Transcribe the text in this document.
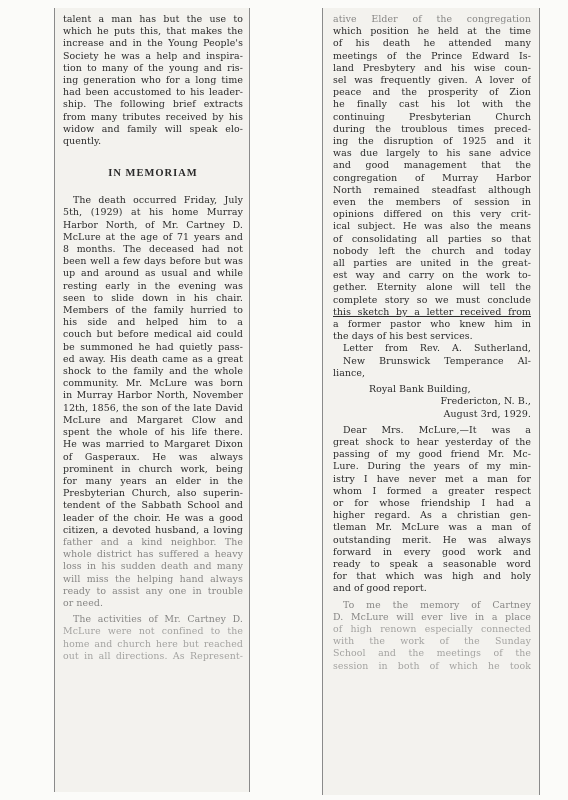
talent a man has but the use to
which he puts this, that makes the
increase and in the Young People's
Society he was a help and inspira-
tion to many of the young and ris-
ing generation who for a long time
had been accustomed to his leader-
ship. The following brief extracts
from many tributes received by his
widow and family will speak elo-
quently.
IN MEMORIAM
The death occurred Friday, July
5th, (1929) at his home Murray
Harbor North, of Mr. Cartney D.
McLure at the age of 71 years and
8 months. The deceased had not
been well a few days before but was
up and around as usual and while
resting early in the evening was
seen to slide down in his chair.
Members of the family hurried to
his side and helped him to a
couch but before medical aid could
be summoned he had quietly pass-
ed away. His death came as a great
shock to the family and the whole
community. Mr. McLure was born
in Murray Harbor North, November
12th, 1856, the son of the late David
McLure and Margaret Clow and
spent the whole of his life there.
He was married to Margaret Dixon
of Gasperaux. He was always
prominent in church work, being
for many years an elder in the
Presbyterian Church, also superin-
tendent of the Sabbath School and
leader of the choir. He was a good
citizen, a devoted husband, a loving
father and a kind neighbor. The
whole district has suffered a heavy
loss in his sudden death and many
will miss the helping hand always
ready to assist any one in trouble
or need.
The activities of Mr. Cartney D.
McLure were not confined to the
home and church here but reached
out in all directions. As Represent-
ative Elder of the congregation
which position he held at the time
of his death he attended many
meetings of the Prince Edward Is-
land Presbytery and his wise coun-
sel was frequently given. A lover of
peace and the prosperity of Zion
he finally cast his lot with the
continuing Presbyterian Church
during the troublous times preced-
ing the disruption of 1925 and it
was due largely to his sane advice
and good management that the
congregation of Murray Harbor
North remained steadfast although
even the members of session in
opinions differed on this very crit-
ical subject. He was also the means
of consolidating all parties so that
nobody left the church and today
all parties are united in the great-
est way and carry on the work to-
gether. Eternity alone will tell the
complete story so we must conclude
this sketch by a letter received from
a former pastor who knew him in
the days of his best services.
Letter from Rev. A. Sutherland,
New Brunswick Temperance Al-
liance,
Royal Bank Building,
Fredericton, N. B.,
August 3rd, 1929.
Dear Mrs. McLure,—It was a
great shock to hear yesterday of the
passing of my good friend Mr. Mc-
Lure. During the years of my min-
istry I have never met a man for
whom I formed a greater respect
or for whose friendship I had a
higher regard. As a christian gen-
tleman Mr. McLure was a man of
outstanding merit. He was always
forward in every good work and
ready to speak a seasonable word
for that which was high and holy
and of good report.
To me the memory of Cartney
D. McLure will ever live in a place
of high renown especially connected
with the work of the Sunday
School and the meetings of the
session in both of which he took
